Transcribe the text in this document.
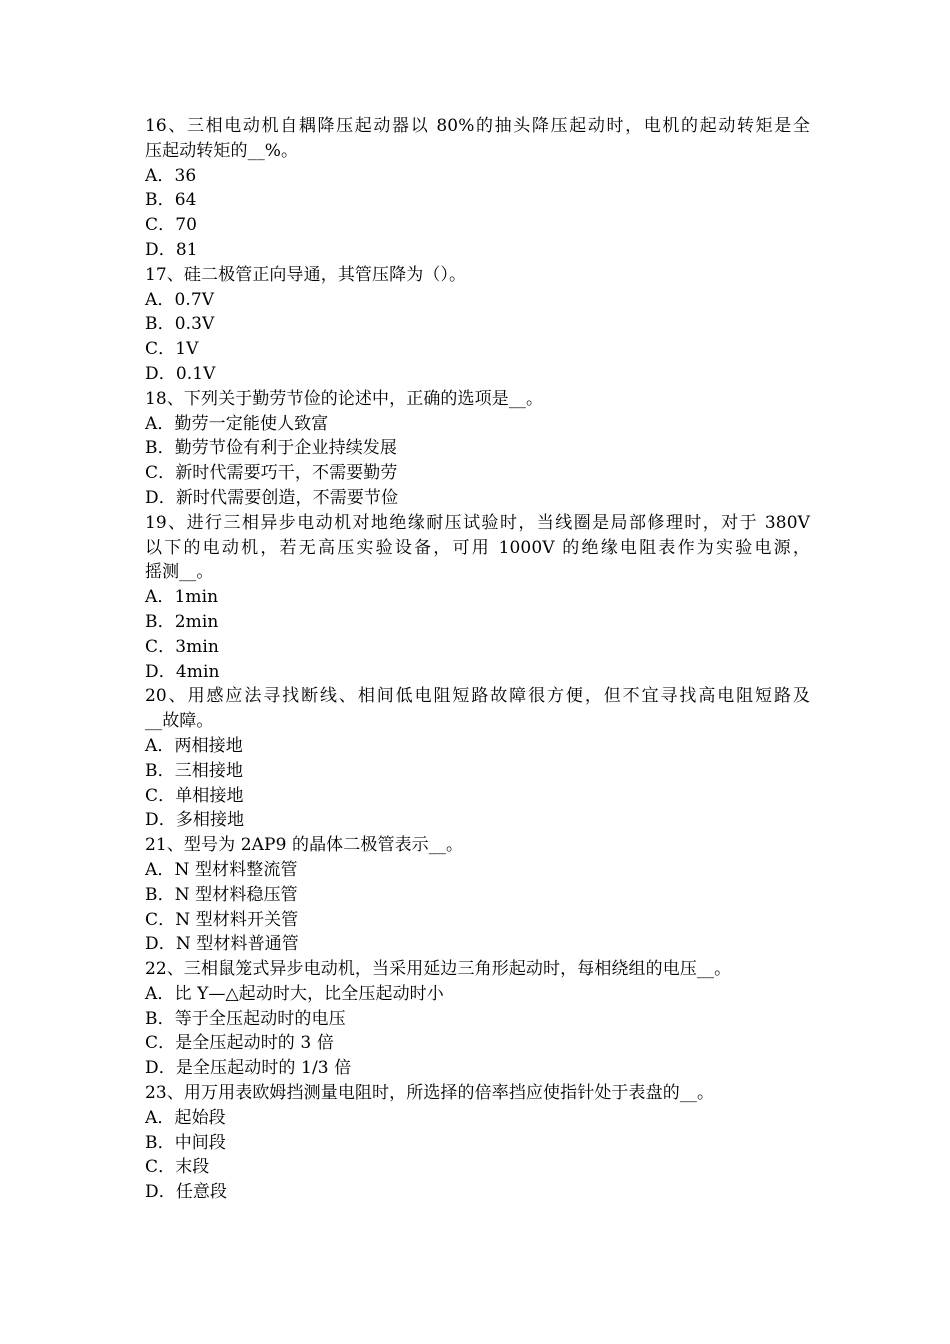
16、三相电动机自耦降压起动器以 80%的抽头降压起动时，电机的起动转矩是全
压起动转矩的__%。
A．36
B．64
C．70
D．81
17、硅二极管正向导通，其管压降为（）。
A．0.7V
B．0.3V
C．1V
D．0.1V
18、下列关于勤劳节俭的论述中，正确的选项是__。
A．勤劳一定能使人致富
B．勤劳节俭有利于企业持续发展
C．新时代需要巧干，不需要勤劳
D．新时代需要创造，不需要节俭
19、进行三相异步电动机对地绝缘耐压试验时，当线圈是局部修理时，对于 380V
以下的电动机，若无高压实验设备，可用 1000V 的绝缘电阻表作为实验电源，
摇测__。
A．1min
B．2min
C．3min
D．4min
20、用感应法寻找断线、相间低电阻短路故障很方便，但不宜寻找高电阻短路及
__故障。
A．两相接地
B．三相接地
C．单相接地
D．多相接地
21、型号为 2AP9 的晶体二极管表示__。
A．N 型材料整流管
B．N 型材料稳压管
C．N 型材料开关管
D．N 型材料普通管
22、三相鼠笼式异步电动机，当采用延边三角形起动时，每相绕组的电压__。
A．比 Y—△起动时大，比全压起动时小
B．等于全压起动时的电压
C．是全压起动时的 3 倍
D．是全压起动时的 1/3 倍
23、用万用表欧姆挡测量电阻时，所选择的倍率挡应使指针处于表盘的__。
A．起始段
B．中间段
C．末段
D．任意段
